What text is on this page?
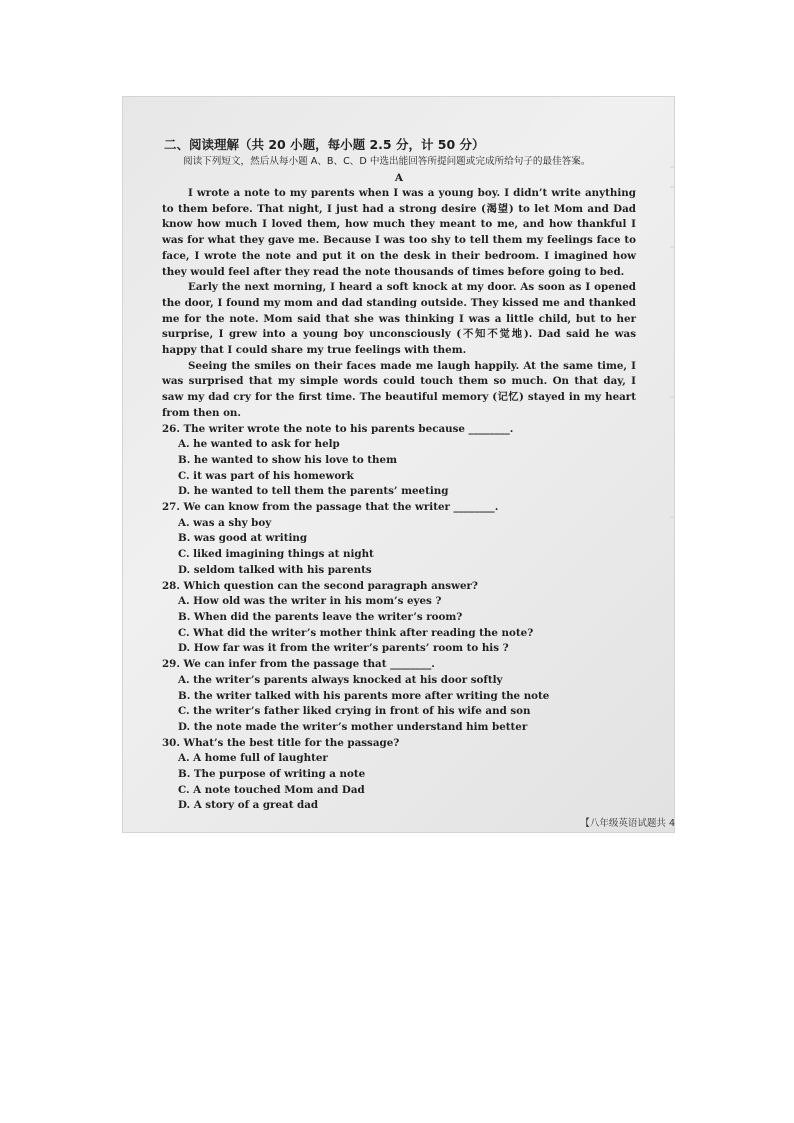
二、阅读理解（共 20 小题，每小题 2.5 分，计 50 分）

阅读下列短文，然后从每小题 A、B、C、D 中选出能回答所提问题或完成所给句子的最佳答案。

A

I wrote a note to my parents when I was a young boy. I didn’t write anything to them before. That night, I just had a strong desire (渴望) to let Mom and Dad know how much I loved them, how much they meant to me, and how thankful I was for what they gave me. Because I was too shy to tell them my feelings face to face, I wrote the note and put it on the desk in their bedroom. I imagined how they would feel after they read the note thousands of times before going to bed.

Early the next morning, I heard a soft knock at my door. As soon as I opened the door, I found my mom and dad standing outside. They kissed me and thanked me for the note. Mom said that she was thinking I was a little child, but to her surprise, I grew into a young boy unconsciously (不知不觉地). Dad said he was happy that I could share my true feelings with them.

Seeing the smiles on their faces made me laugh happily. At the same time, I was surprised that my simple words could touch them so much. On that day, I saw my dad cry for the first time. The beautiful memory (记忆) stayed in my heart from then on.

26. The writer wrote the note to his parents because ________.

A. he wanted to ask for help

B. he wanted to show his love to them

C. it was part of his homework

D. he wanted to tell them the parents’ meeting

27. We can know from the passage that the writer ________.

A. was a shy boy

B. was good at writing

C. liked imagining things at night

D. seldom talked with his parents

28. Which question can the second paragraph answer?

A. How old was the writer in his mom’s eyes ?

B. When did the parents leave the writer’s room?

C. What did the writer’s mother think after reading the note?

D. How far was it from the writer’s parents’ room to his ?

29. We can infer from the passage that ________.

A. the writer’s parents always knocked at his door softly

B. the writer talked with his parents more after writing the note

C. the writer’s father liked crying in front of his wife and son

D. the note made the writer’s mother understand him better

30. What’s the best title for the passage?

A. A home full of laughter

B. The purpose of writing a note

C. A note touched Mom and Dad

D. A story of a great dad

【八年级英语试题共 4
